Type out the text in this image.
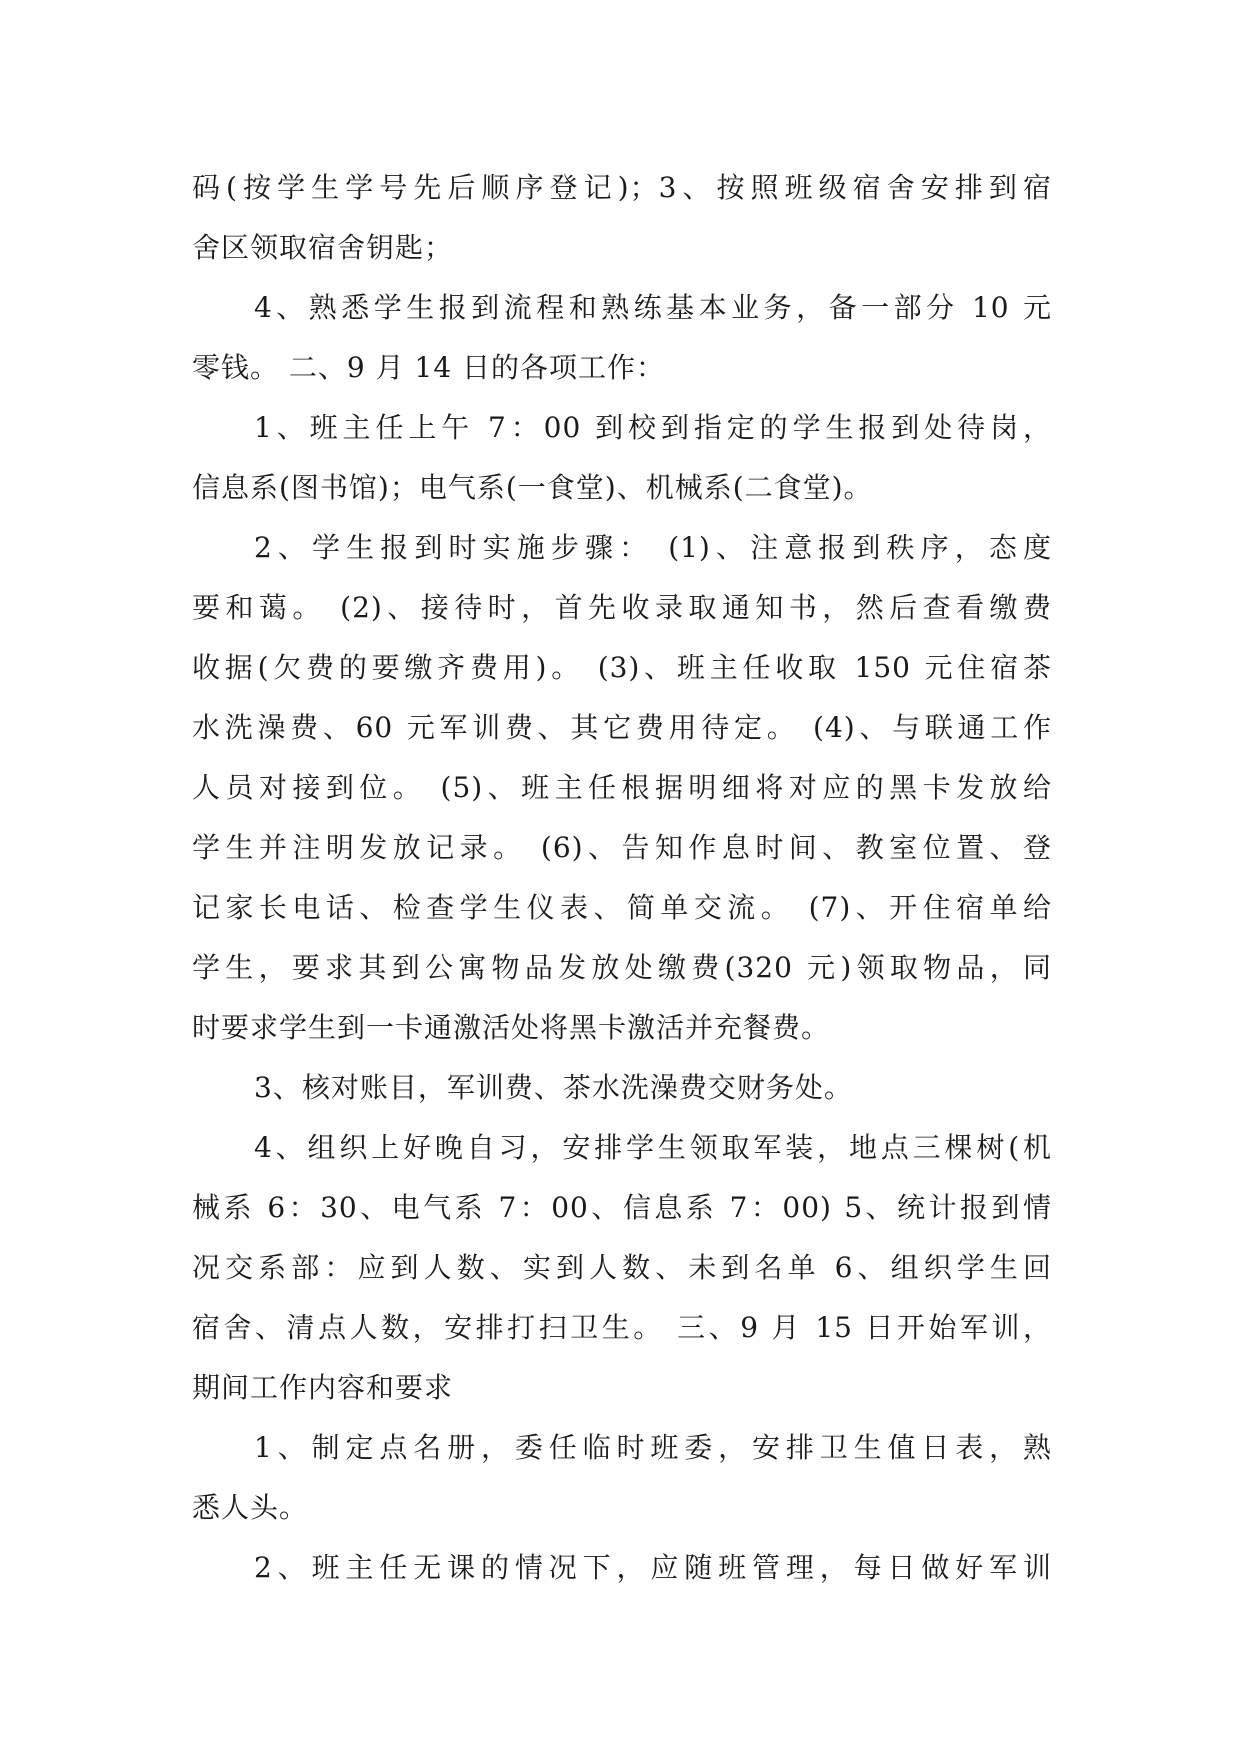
码(按学生学号先后顺序登记)；3、按照班级宿舍安排到宿
舍区领取宿舍钥匙；
4、熟悉学生报到流程和熟练基本业务，备一部分 10 元
零钱。 二、9 月 14 日的各项工作：
1、班主任上午 7：00 到校到指定的学生报到处待岗，
信息系(图书馆)；电气系(一食堂)、机械系(二食堂)。
2、学生报到时实施步骤： (1)、注意报到秩序，态度
要和蔼。 (2)、接待时，首先收录取通知书，然后查看缴费
收据(欠费的要缴齐费用)。 (3)、班主任收取 150 元住宿茶
水洗澡费、60 元军训费、其它费用待定。 (4)、与联通工作
人员对接到位。 (5)、班主任根据明细将对应的黑卡发放给
学生并注明发放记录。 (6)、告知作息时间、教室位置、登
记家长电话、检查学生仪表、简单交流。 (7)、开住宿单给
学生，要求其到公寓物品发放处缴费(320 元)领取物品，同
时要求学生到一卡通激活处将黑卡激活并充餐费。
3、核对账目，军训费、茶水洗澡费交财务处。
4、组织上好晚自习，安排学生领取军装，地点三棵树(机
械系 6：30、电气系 7：00、信息系 7：00) 5、统计报到情
况交系部：应到人数、实到人数、未到名单 6、组织学生回
宿舍、清点人数，安排打扫卫生。 三、9 月 15 日开始军训，
期间工作内容和要求
1、制定点名册，委任临时班委，安排卫生值日表，熟
悉人头。
2、班主任无课的情况下，应随班管理，每日做好军训
